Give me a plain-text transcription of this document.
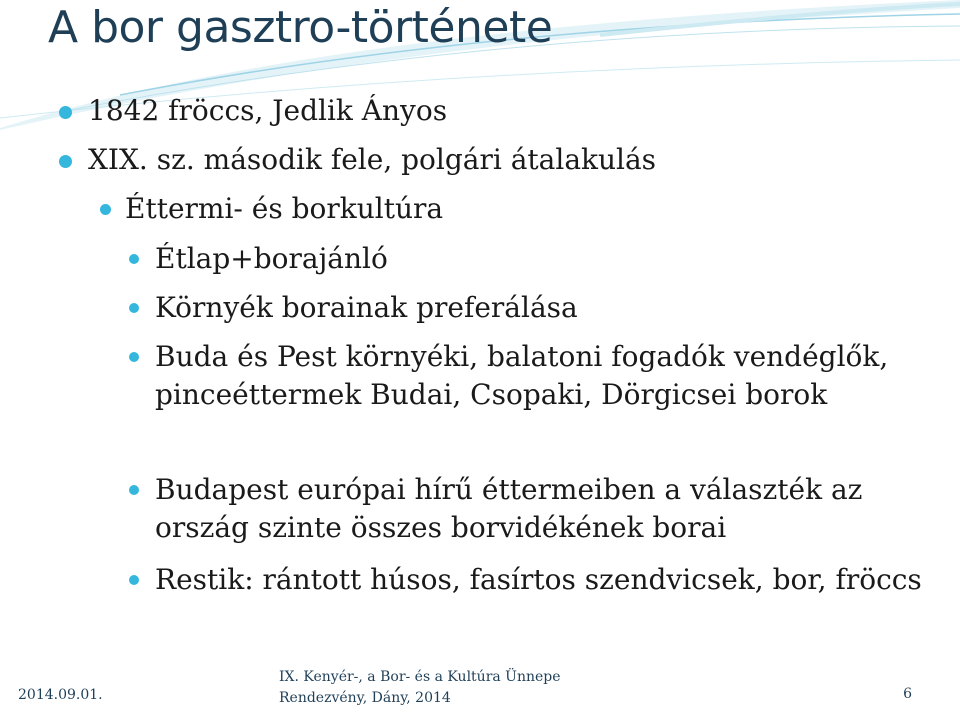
A bor gasztro-története
1842 fröccs, Jedlik Ányos
XIX. sz. második fele, polgári átalakulás
Éttermi- és borkultúra
Étlap+borajánló
Környék borainak preferálása
Buda és Pest környéki, balatoni fogadók vendéglők, pinceéttermek Budai, Csopaki, Dörgicsei borok
Budapest európai hírű éttermeiben a választék az ország szinte összes borvidékének borai
Restik: rántott húsos, fasírtos szendvicsek, bor, fröccs
2014.09.01.
IX. Kenyér-, a Bor- és a Kultúra Ünnepe
Rendezvény, Dány, 2014	6
